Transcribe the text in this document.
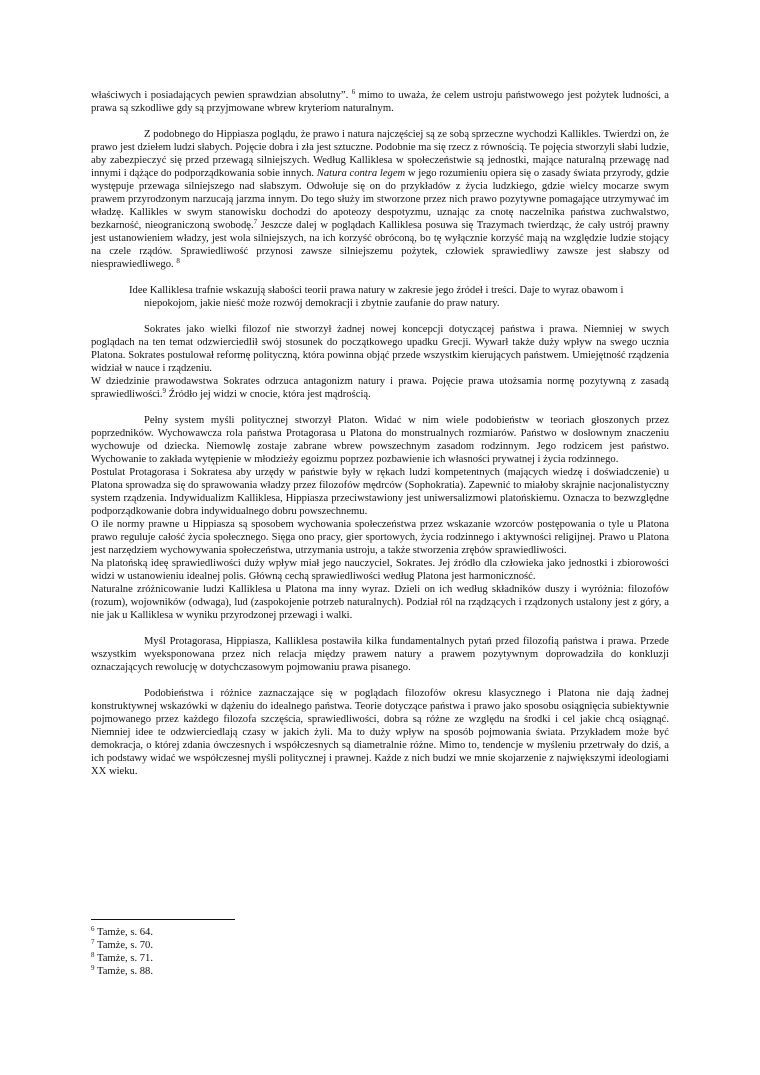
właściwych i posiadających pewien sprawdzian absolutny”. $^6$ mimo to uważa, że celem ustroju państwowego jest pożytek ludności, a prawa są szkodliwe gdy są przyjmowane wbrew kryteriom naturalnym.

Z podobnego do Hippiasza poglądu, że prawo i natura najczęściej są ze sobą sprzeczne wychodzi Kallikles. Twierdzi on, że prawo jest dziełem ludzi słabych. Pojęcie dobra i zła jest sztuczne. Podobnie ma się rzecz z równością. Te pojęcia stworzyli słabi ludzie, aby zabezpieczyć się przed przewagą silniejszych. Według Kalliklesa w społeczeństwie są jednostki, mające naturalną przewagę nad innymi i dążące do podporządkowania sobie innych. Natura contra legem w jego rozumieniu opiera się o zasady świata przyrody, gdzie występuje przewaga silniejszego nad słabszym. Odwołuje się on do przykładów z życia ludzkiego, gdzie wielcy mocarze swym prawem przyrodzonym narzucają jarzma innym. Do tego służy im stworzone przez nich prawo pozytywne pomagające utrzymywać im władzę. Kallikles w swym stanowisku dochodzi do apoteozy despotyzmu, uznając za cnotę naczelnika państwa zuchwalstwo, bezkarność, nieograniczoną swobodę.$^7$ Jeszcze dalej w poglądach Kalliklesa posuwa się Trazymach twierdząc, że cały ustrój prawny jest ustanowieniem władzy, jest wola silniejszych, na ich korzyść obróconą, bo tę wyłącznie korzyść mają na względzie ludzie stojący na czele rządów. Sprawiedliwość przynosi zawsze silniejszemu pożytek, człowiek sprawiedliwy zawsze jest słabszy od niesprawiedliwego. $^8$

Idee Kalliklesa trafnie wskazują słabości teorii prawa natury w zakresie jego źródeł i treści. Daje to wyraz obawom i

niepokojom, jakie nieść może rozwój demokracji i zbytnie zaufanie do praw natury.

Sokrates jako wielki filozof nie stworzył żadnej nowej koncepcji dotyczącej państwa i prawa. Niemniej w swych poglądach na ten temat odzwierciedlił swój stosunek do początkowego upadku Grecji. Wywarł także duży wpływ na swego ucznia Platona. Sokrates postulował reformę polityczną, która powinna objąć przede wszystkim kierujących państwem. Umiejętność rządzenia widział w nauce i rządzeniu.

W dziedzinie prawodawstwa Sokrates odrzuca antagonizm natury i prawa. Pojęcie prawa utożsamia normę pozytywną z zasadą sprawiedliwości.$^9$ Źródło jej widzi w cnocie, która jest mądrością.

Pełny system myśli politycznej stworzył Platon. Widać w nim wiele podobieństw w teoriach głoszonych przez poprzedników. Wychowawcza rola państwa Protagorasa u Platona do monstrualnych rozmiarów. Państwo w dosłownym znaczeniu wychowuje od dziecka. Niemowlę zostaje zabrane wbrew powszechnym zasadom rodzinnym. Jego rodzicem jest państwo. Wychowanie to zakłada wytępienie w młodzieży egoizmu poprzez pozbawienie ich własności prywatnej i życia rodzinnego.

Postulat Protagorasa i Sokratesa aby urzędy w państwie były w rękach ludzi kompetentnych (mających wiedzę i doświadczenie) u Platona sprowadza się do sprawowania władzy przez filozofów mędrców (Sophokratia). Zapewnić to miałoby skrajnie nacjonalistyczny system rządzenia. Indywidualizm Kalliklesa, Hippiasza przeciwstawiony jest uniwersalizmowi platońskiemu. Oznacza to bezwzględne podporządkowanie dobra indywidualnego dobru powszechnemu.

O ile normy prawne u Hippiasza są sposobem wychowania społeczeństwa przez wskazanie wzorców postępowania o tyle u Platona prawo reguluje całość życia społecznego. Sięga ono pracy, gier sportowych, życia rodzinnego i aktywności religijnej. Prawo u Platona jest narzędziem wychowywania społeczeństwa, utrzymania ustroju, a także stworzenia zrębów sprawiedliwości.

Na platońską ideę sprawiedliwości duży wpływ miał jego nauczyciel, Sokrates. Jej źródło dla człowieka jako jednostki i zbiorowości widzi w ustanowieniu idealnej polis. Główną cechą sprawiedliwości według Platona jest harmoniczność.

Naturalne zróżnicowanie ludzi Kalliklesa u Platona ma inny wyraz. Dzieli on ich według składników duszy i wyróżnia: filozofów (rozum), wojowników (odwaga), lud (zaspokojenie potrzeb naturalnych). Podział ról na rządzących i rządzonych ustalony jest z góry, a nie jak u Kalliklesa w wyniku przyrodzonej przewagi i walki.

Myśl Protagorasa, Hippiasza, Kalliklesa postawiła kilka fundamentalnych pytań przed filozofią państwa i prawa. Przede wszystkim wyeksponowana przez nich relacja między prawem natury a prawem pozytywnym doprowadziła do konkluzji oznaczających rewolucję w dotychczasowym pojmowaniu prawa pisanego.

Podobieństwa i różnice zaznaczające się w poglądach filozofów okresu klasycznego i Platona nie dają żadnej konstruktywnej wskazówki w dążeniu do idealnego państwa. Teorie dotyczące państwa i prawo jako sposobu osiągnięcia subiektywnie pojmowanego przez każdego filozofa szczęścia, sprawiedliwości, dobra są różne ze względu na środki i cel jakie chcą osiągnąć. Niemniej idee te odzwierciedlają czasy w jakich żyli. Ma to duży wpływ na sposób pojmowania świata. Przykładem może być demokracja, o której zdania ówczesnych i współczesnych są diametralnie różne. Mimo to, tendencje w myśleniu przetrwały do dziś, a ich podstawy widać we współczesnej myśli politycznej i prawnej. Każde z nich budzi we mnie skojarzenie z największymi ideologiami XX wieku.

$^6$ Tamże, s. 64.

$^7$ Tamże, s. 70.

$^8$ Tamże, s. 71.

$^9$ Tamże, s. 88.
